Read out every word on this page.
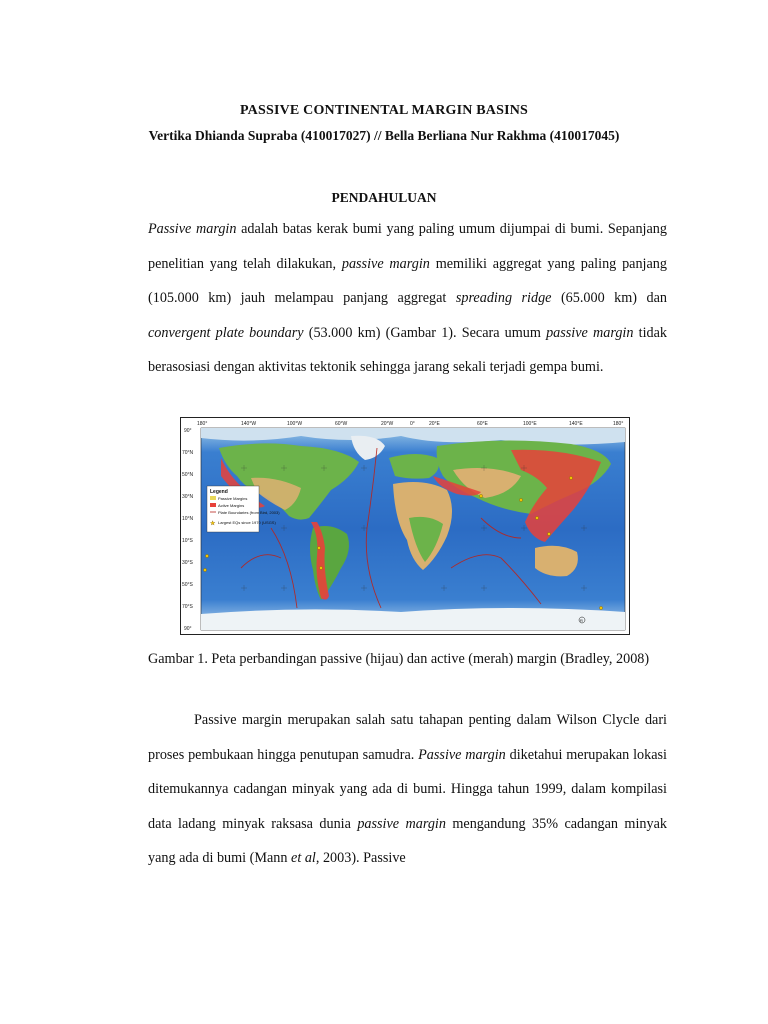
PASSIVE CONTINENTAL MARGIN BASINS
Vertika Dhianda Supraba (410017027) // Bella Berliana Nur Rakhma (410017045)
PENDAHULUAN
Passive margin adalah batas kerak bumi yang paling umum dijumpai di bumi. Sepanjang penelitian yang telah dilakukan, passive margin memiliki aggregat yang paling panjang (105.000 km) jauh melampau panjang aggregat spreading ridge (65.000 km) dan convergent plate boundary (53.000 km) (Gambar 1). Secara umum passive margin tidak berasosiasi dengan aktivitas tektonik sehingga jarang sekali terjadi gempa bumi.
180°	140°W	100°W	60°W	20°W	0°	20°E	60°E	100°E	140°E	180°
90°
70°N
50°N
30°N
10°N
10°S
30°S
50°S
70°S
90°
Legend
Passive Margins
Active Margins
Plate Boundaries (from Bird, 2003)
★ Largest EQs since 1970 (USGS)
R
Gambar 1. Peta perbandingan passive (hijau) dan active (merah) margin (Bradley, 2008)
Passive margin merupakan salah satu tahapan penting dalam Wilson Clycle dari proses pembukaan hingga penutupan samudra. Passive margin diketahui merupakan lokasi ditemukannya cadangan minyak yang ada di bumi. Hingga tahun 1999, dalam kompilasi data ladang minyak raksasa dunia passive margin mengandung 35% cadangan minyak yang ada di bumi (Mann et al, 2003). Passive
